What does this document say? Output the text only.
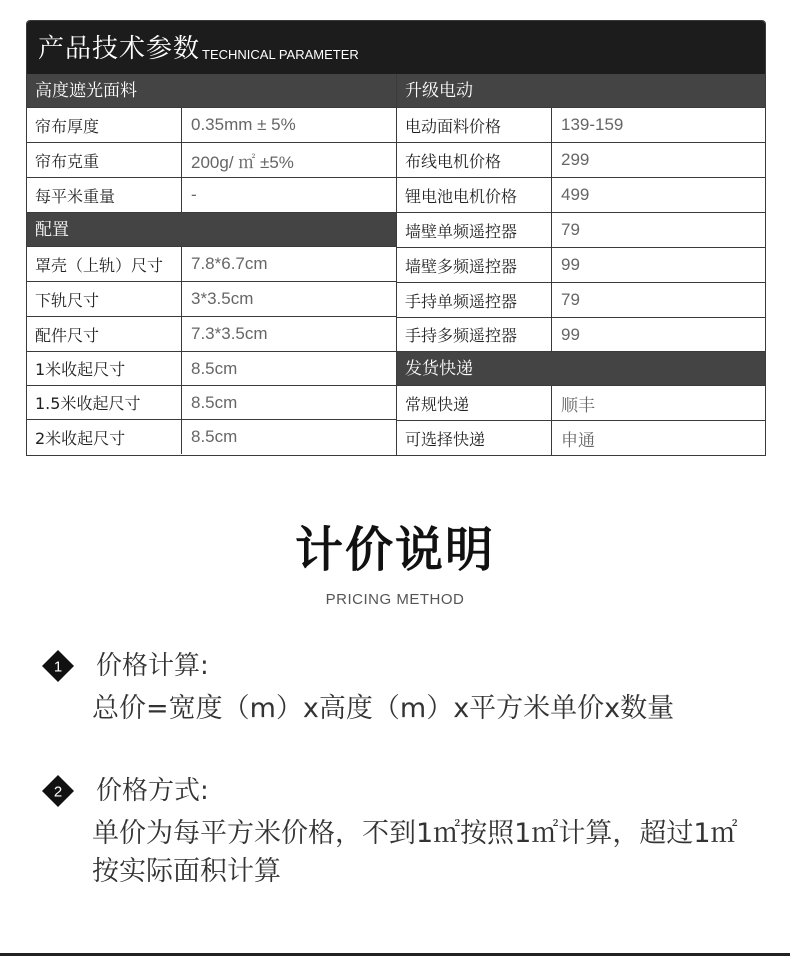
产品技术参数 TECHNICAL PARAMETER
高度遮光面料
帘布厚度	0.35mm ± 5%
帘布克重	200g/ ㎡ ±5%
每平米重量	-
配置
罩壳（上轨）尺寸	7.8*6.7cm
下轨尺寸	3*3.5cm
配件尺寸	7.3*3.5cm
1米收起尺寸	8.5cm
1.5米收起尺寸	8.5cm
2米收起尺寸	8.5cm
升级电动
电动面料价格	139-159
布线电机价格	299
锂电池电机价格	499
墙壁单频遥控器	79
墙壁多频遥控器	99
手持单频遥控器	79
手持多频遥控器	99
发货快递
常规快递	顺丰
可选择快递	申通
计价说明
PRICING METHOD
1 价格计算:
总价=宽度（m）x高度（m）x平方米单价x数量
2 价格方式:
单价为每平方米价格，不到1㎡按照1㎡计算，超过1㎡
按实际面积计算
